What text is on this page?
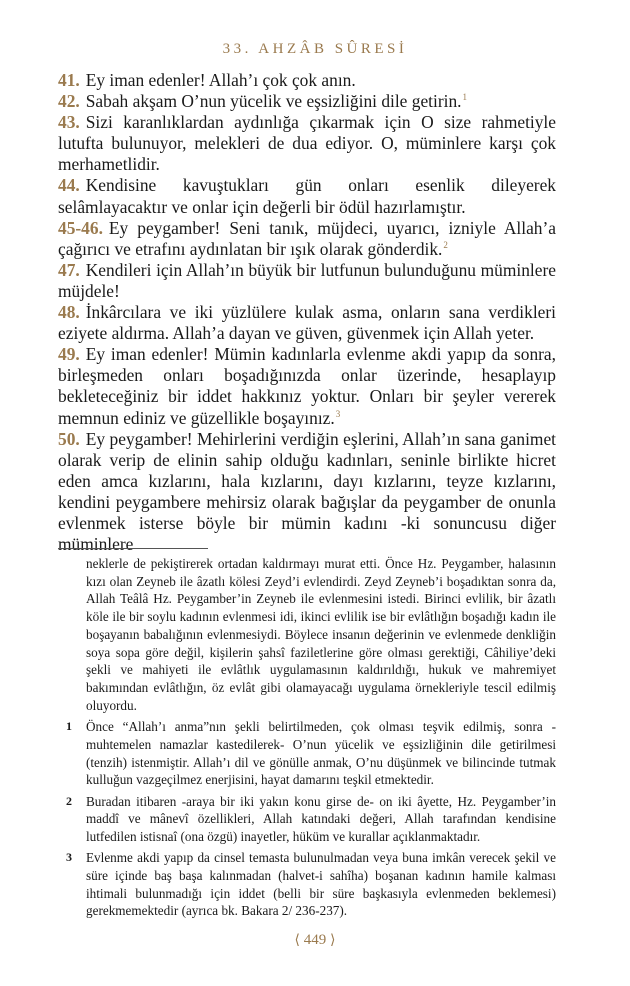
33. AHZÂB SÛRESİ

41. Ey iman edenler! Allah’ı çok çok anın.

42. Sabah akşam O’nun yücelik ve eşsizliğini dile getirin.$^1$

43. Sizi karanlıklardan aydınlığa çıkarmak için O size rahmetiyle lutufta bulunuyor, melekleri de dua ediyor. O, müminlere karşı çok merhametlidir.

44. Kendisine kavuştukları gün onları esenlik dileyerek selâmlayacaktır ve onlar için değerli bir ödül hazırlamıştır.

45-46. Ey peygamber! Seni tanık, müjdeci, uyarıcı, izniyle Allah’a çağırıcı ve etrafını aydınlatan bir ışık olarak gönderdik.$^2$

47. Kendileri için Allah’ın büyük bir lutfunun bulunduğunu müminlere müjdele!

48. İnkârcılara ve iki yüzlülere kulak asma, onların sana verdikleri eziyete aldırma. Allah’a dayan ve güven, güvenmek için Allah yeter.

49. Ey iman edenler! Mümin kadınlarla evlenme akdi yapıp da sonra, birleşmeden onları boşadığınızda onlar üzerinde, hesaplayıp bekleteceğiniz bir iddet hakkınız yoktur. Onları bir şeyler vererek memnun ediniz ve güzellikle boşayınız.$^3$

50. Ey peygamber! Mehirlerini verdiğin eşlerini, Allah’ın sana ganimet olarak verip de elinin sahip olduğu kadınları, seninle birlikte hicret eden amca kızlarını, hala kızlarını, dayı kızlarını, teyze kızlarını, kendini peygambere mehirsiz olarak bağışlar da peygamber de onunla evlenmek isterse böyle bir mümin kadını -ki sonuncusu diğer müminlere

neklerle de pekiştirerek ortadan kaldırmayı murat etti. Önce Hz. Peygamber, halasının kızı olan Zeyneb ile âzatlı kölesi Zeyd’i evlendirdi. Zeyd Zeyneb’i boşadıktan sonra da, Allah Teâlâ Hz. Peygamber’in Zeyneb ile evlenmesini istedi. Birinci evlilik, bir âzatlı köle ile bir soylu kadının evlenmesi idi, ikinci evlilik ise bir evlâtlığın boşadığı kadın ile boşayanın babalığının evlenmesiydi. Böylece insanın değerinin ve evlenmede denkliğin soya sopa göre değil, kişilerin şahsî faziletlerine göre olması gerektiği, Câhiliye’deki şekli ve mahiyeti ile evlâtlık uygulamasının kaldırıldığı, hukuk ve mahremiyet bakımından evlâtlığın, öz evlât gibi olamayacağı uygulama örnekleriyle tescil edilmiş oluyordu.

1 Önce “Allah’ı anma”nın şekli belirtilmeden, çok olması teşvik edilmiş, sonra -muhtemelen namazlar kastedilerek- O’nun yücelik ve eşsizliğinin dile getirilmesi (tenzih) istenmiştir. Allah’ı dil ve gönülle anmak, O’nu düşünmek ve bilincinde tutmak kulluğun vazgeçilmez enerjisini, hayat damarını teşkil etmektedir.

2 Buradan itibaren -araya bir iki yakın konu girse de- on iki âyette, Hz. Peygamber’in maddî ve mânevî özellikleri, Allah katındaki değeri, Allah tarafından kendisine lutfedilen istisnaî (ona özgü) inayetler, hüküm ve kurallar açıklanmaktadır.

3 Evlenme akdi yapıp da cinsel temasta bulunulmadan veya buna imkân verecek şekil ve süre içinde baş başa kalınmadan (halvet-i sahîha) boşanan kadının hamile kalması ihtimali bulunmadığı için iddet (belli bir süre başkasıyla evlenmeden beklemesi) gerekmemektedir (ayrıca bk. Bakara 2/ 236-237).

⟨ 449 ⟩
